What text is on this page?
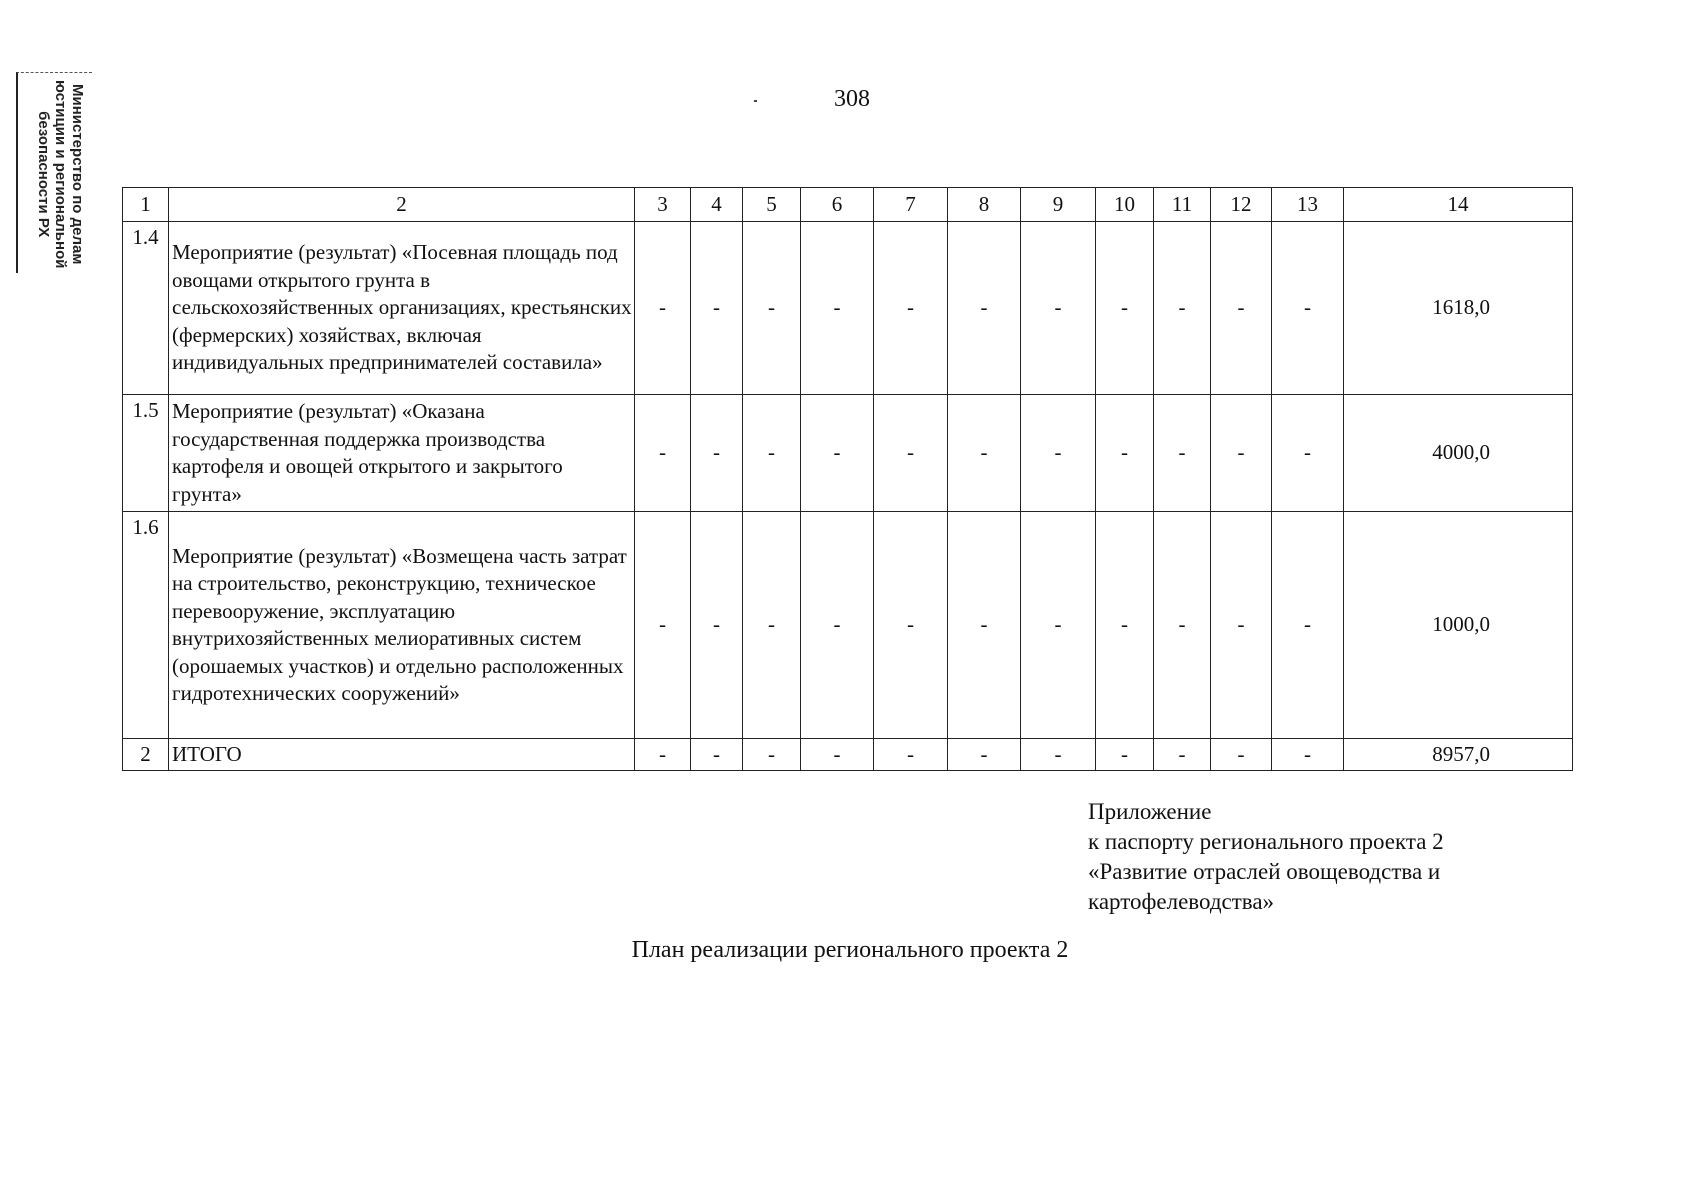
Министерство по делам
юстиции и региональной
безопасности РХ
308
1	2	3	4	5	6	7	8	9	10	11	12	13	14
1.4	Мероприятие (результат) «Посевная площадь под овощами открытого грунта в сельскохозяйственных организациях, крестьянских (фермерских) хозяйствах, включая индивидуальных предпринимателей составила»	-	-	-	-	-	-	-	-	-	-	-	1618,0
1.5	Мероприятие (результат) «Оказана государственная поддержка производства картофеля и овощей открытого и закрытого грунта»	-	-	-	-	-	-	-	-	-	-	-	4000,0
1.6	Мероприятие (результат) «Возмещена часть затрат на строительство, реконструкцию, техническое перевооружение, эксплуатацию внутрихозяйственных мелиоративных систем (орошаемых участков) и отдельно расположенных гидротехнических сооружений»	-	-	-	-	-	-	-	-	-	-	-	1000,0
2	ИТОГО	-	-	-	-	-	-	-	-	-	-	-	8957,0
Приложение
к паспорту регионального проекта 2
«Развитие отраслей овощеводства и
картофелеводства»
План реализации регионального проекта 2
